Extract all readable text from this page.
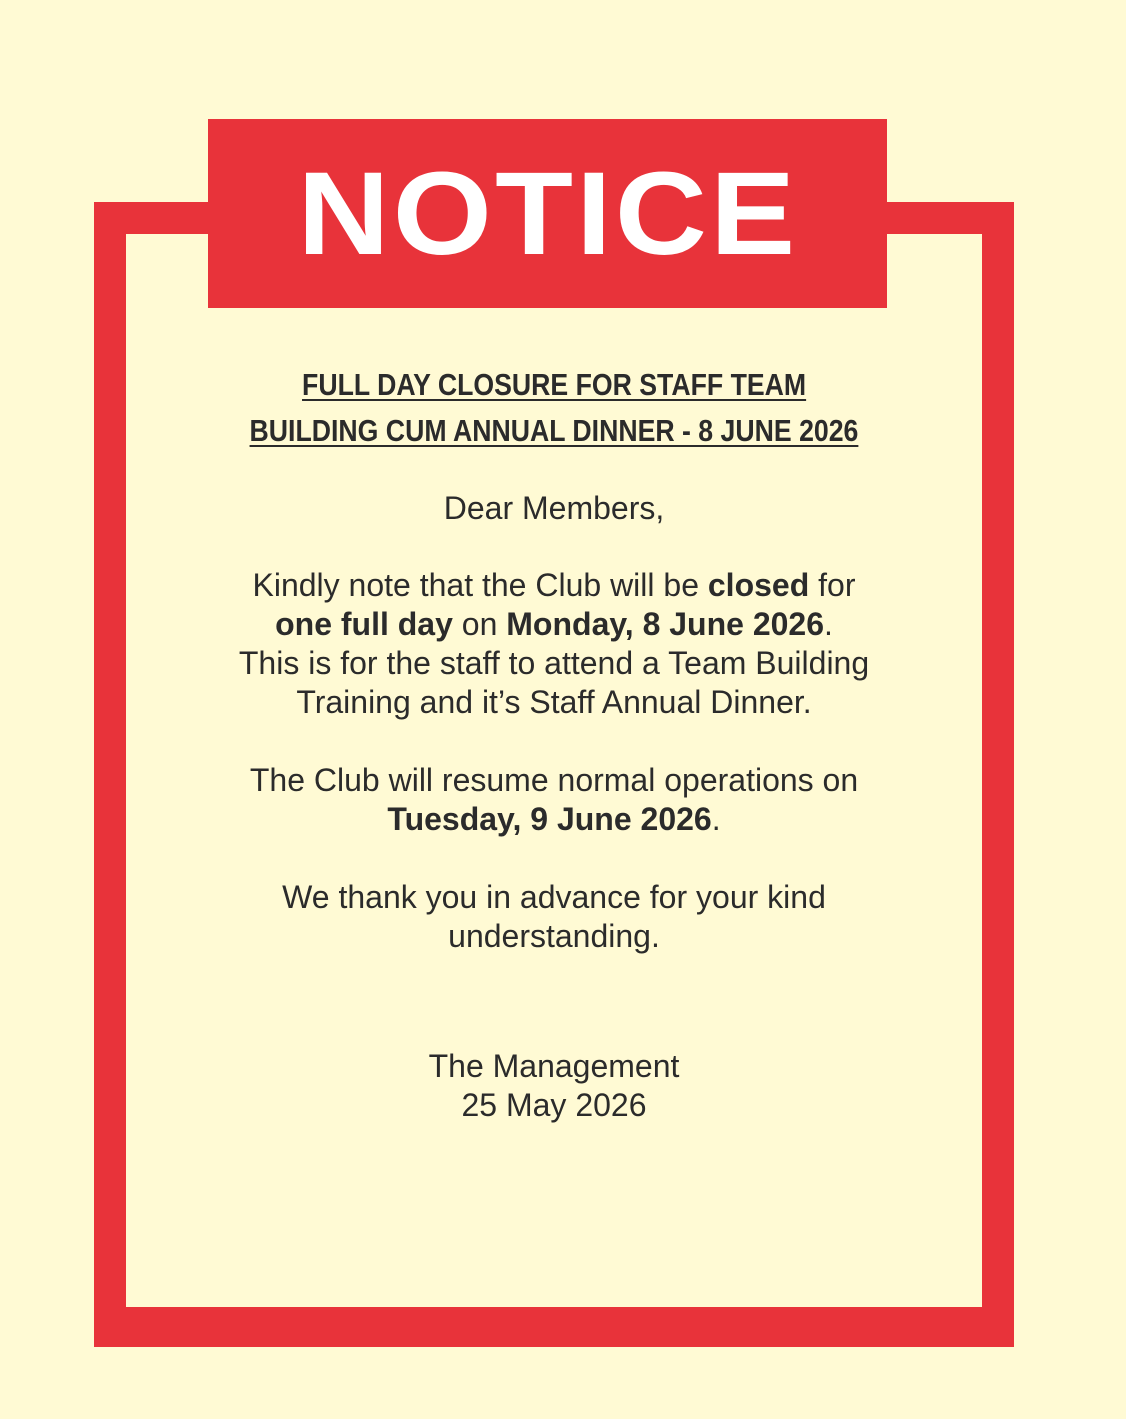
NOTICE
FULL DAY CLOSURE FOR STAFF TEAM
BUILDING CUM ANNUAL DINNER - 8 JUNE 2026
Dear Members,
Kindly note that the Club will be closed for
one full day on Monday, 8 June 2026.
This is for the staff to attend a Team Building
Training and it’s Staff Annual Dinner.
The Club will resume normal operations on
Tuesday, 9 June 2026.
We thank you in advance for your kind
understanding.
The Management
25 May 2026
